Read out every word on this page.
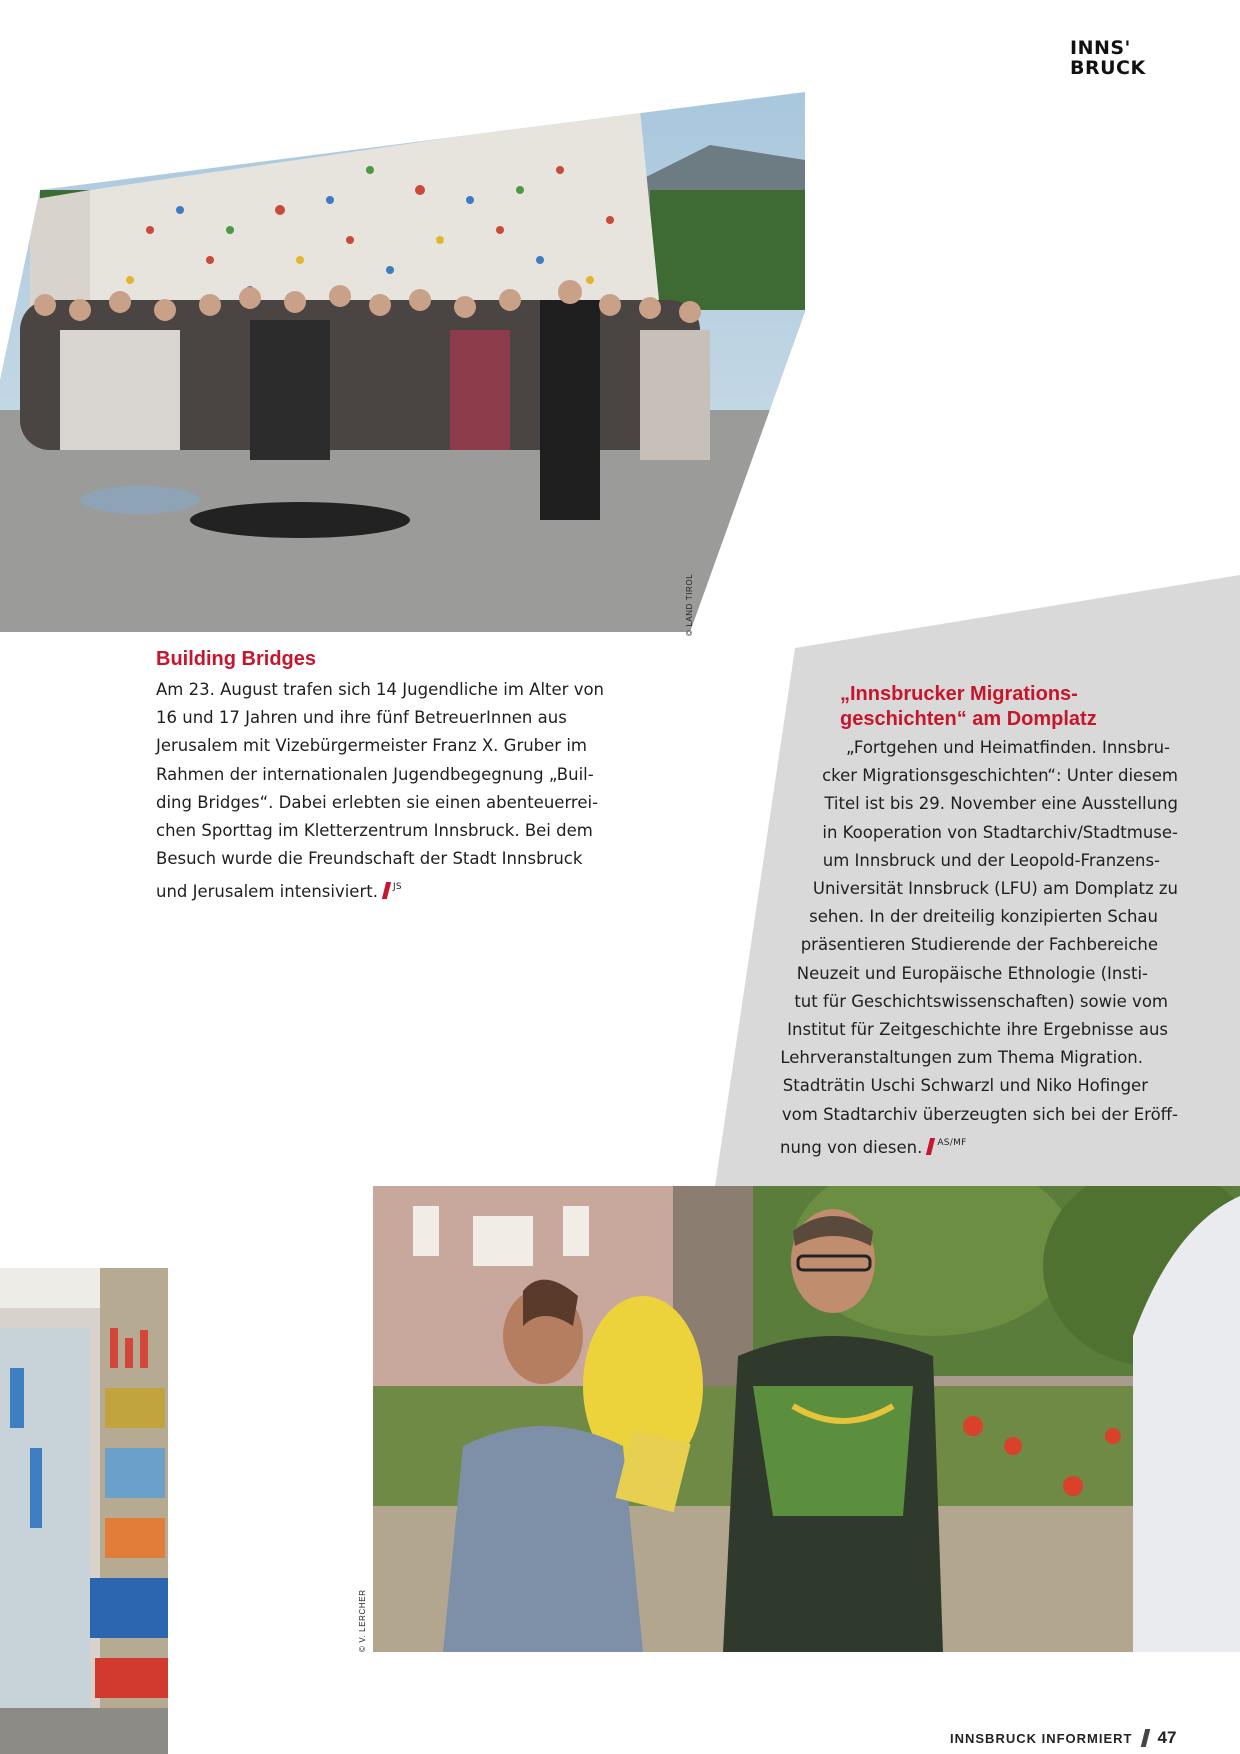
INNS'
BRUCK
© LAND TIROL
Building Bridges
Am 23. August trafen sich 14 Jugendliche im Alter von
16 und 17 Jahren und ihre fünf BetreuerInnen aus
Jerusalem mit Vizebürgermeister Franz X. Gruber im
Rahmen der internationalen Jugendbegegnung „Buil-
ding Bridges“. Dabei erlebten sie einen abenteuerrei-
chen Sporttag im Kletterzentrum Innsbruck. Bei dem
Besuch wurde die Freundschaft der Stadt Innsbruck
und Jerusalem intensiviert. $^{JS}$
„Innsbrucker Migrations-
geschichten“ am Domplatz
„Fortgehen und Heimatfinden. Innsbru-
cker Migrationsgeschichten“: Unter diesem
Titel ist bis 29. November eine Ausstellung
in Kooperation von Stadtarchiv/Stadtmuse-
um Innsbruck und der Leopold-Franzens-
Universität Innsbruck (LFU) am Domplatz zu
sehen. In der dreiteilig konzipierten Schau
präsentieren Studierende der Fachbereiche
Neuzeit und Europäische Ethnologie (Insti-
tut für Geschichtswissenschaften) sowie vom
Institut für Zeitgeschichte ihre Ergebnisse aus
Lehrveranstaltungen zum Thema Migration.
Stadträtin Uschi Schwarzl und Niko Hofinger
vom Stadtarchiv überzeugten sich bei der Eröff-
nung von diesen. $^{AS/MF}$
© V. LERCHER
INNSBRUCK INFORMIERT 47
